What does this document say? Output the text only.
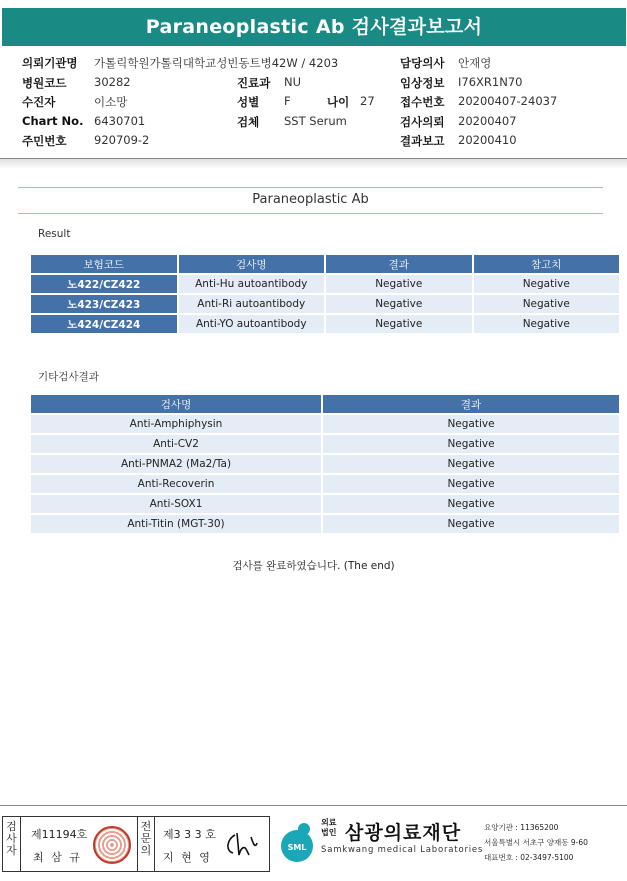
Paraneoplastic Ab 검사결과보고서
의뢰기관명 가톨릭학원가톨릭대학교성빈동트병42W / 4203	담당의사 안재영
병원코드 30282	진료과 NU	임상정보 I76XR1N70
수진자	이소망	성별 F	나이 27 접수번호 20200407-24037
Chart No. 6430701	검체 SST Serum	검사의뢰 20200407
주민번호 920709-2	결과보고 20200410
Paraneoplastic Ab
Result
보험코드	검사명	결과	참고치
노422/CZ422	Anti-Hu autoantibody	Negative	Negative
노423/CZ423	Anti-Ri autoantibody	Negative	Negative
노424/CZ424	Anti-YO autoantibody	Negative	Negative
기타검사결과
검사명	결과
Anti-Amphiphysin	Negative
Anti-CV2	Negative
Anti-PNMA2 (Ma2/Ta)	Negative
Anti-Recoverin	Negative
Anti-SOX1	Negative
Anti-Titin (MGT-30)	Negative
검사를 완료하였습니다. (The end)
검사자
제11194호
최 삼 규
전문의
제3 3 3 호
지 현 영
SML
외료
법인 삼광의료재단
Samkwang medical Laboratories
요양기관 : 11365200
서울특별시 서초구 양재동 9-60
대표번호 : 02-3497-5100
